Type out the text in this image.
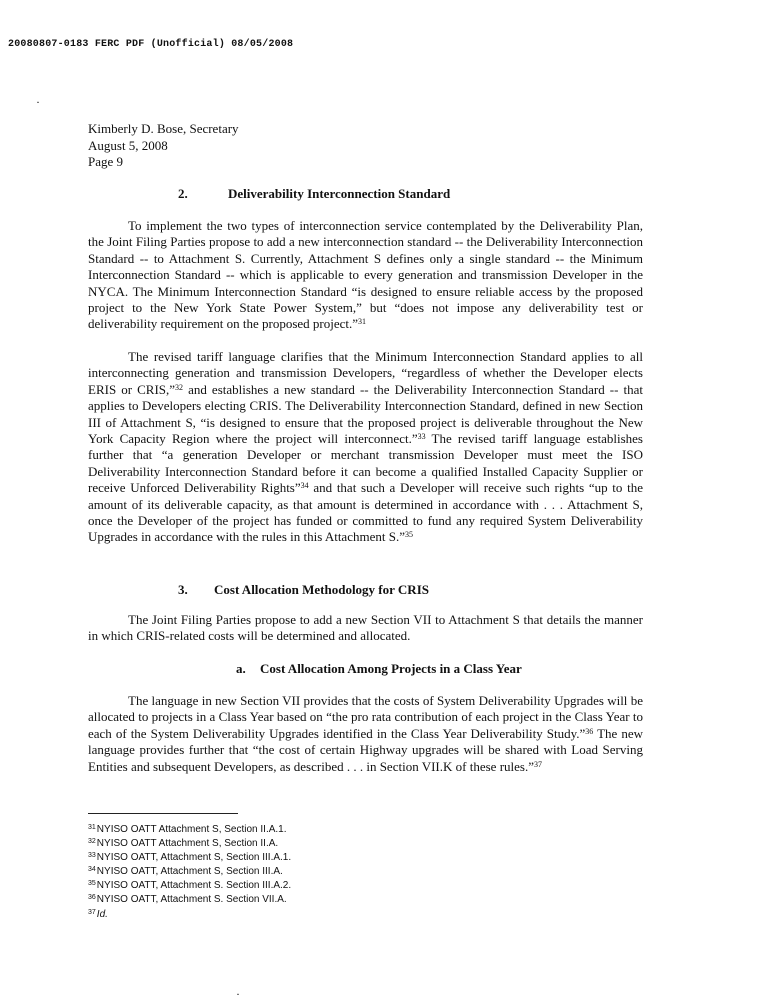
20080807-0183 FERC PDF (Unofficial) 08/05/2008
·
Kimberly D. Bose, Secretary
August 5, 2008
Page 9
2.	Deliverability Interconnection Standard

To implement the two types of interconnection service contemplated by the Deliverability Plan, the Joint Filing Parties propose to add a new interconnection standard -- the Deliverability Interconnection Standard -- to Attachment S. Currently, Attachment S defines only a single standard -- the Minimum Interconnection Standard -- which is applicable to every generation and transmission Developer in the NYCA. The Minimum Interconnection Standard “is designed to ensure reliable access by the proposed project to the New York State Power System,” but “does not impose any deliverability test or deliverability requirement on the proposed project.”$^{31}$

The revised tariff language clarifies that the Minimum Interconnection Standard applies to all interconnecting generation and transmission Developers, “regardless of whether the Developer elects ERIS or CRIS,”$^{32}$ and establishes a new standard -- the Deliverability Interconnection Standard -- that applies to Developers electing CRIS. The Deliverability Interconnection Standard, defined in new Section III of Attachment S, “is designed to ensure that the proposed project is deliverable throughout the New York Capacity Region where the project will interconnect.”$^{33}$ The revised tariff language establishes further that “a generation Developer or merchant transmission Developer must meet the ISO Deliverability Interconnection Standard before it can become a qualified Installed Capacity Supplier or receive Unforced Deliverability Rights”$^{34}$ and that such a Developer will receive such rights “up to the amount of its deliverable capacity, as that amount is determined in accordance with . . . Attachment S, once the Developer of the project has funded or committed to fund any required System Deliverability Upgrades in accordance with the rules in this Attachment S.”$^{35}$

3. Cost Allocation Methodology for CRIS

The Joint Filing Parties propose to add a new Section VII to Attachment S that details the manner in which CRIS-related costs will be determined and allocated.

a. Cost Allocation Among Projects in a Class Year

The language in new Section VII provides that the costs of System Deliverability Upgrades will be allocated to projects in a Class Year based on “the pro rata contribution of each project in the Class Year to each of the System Deliverability Upgrades identified in the Class Year Deliverability Study.”$^{36}$ The new language provides further that “the cost of certain Highway upgrades will be shared with Load Serving Entities and subsequent Developers, as described . . . in Section VII.K of these rules.”$^{37}$

$^{31}$NYISO OATT Attachment S, Section II.A.1.
$^{32}$NYISO OATT Attachment S, Section II.A.
$^{33}$NYISO OATT, Attachment S, Section III.A.1.
$^{34}$NYISO OATT, Attachment S, Section III.A.
$^{35}$NYISO OATT, Attachment S. Section III.A.2.
$^{36}$NYISO OATT, Attachment S. Section VII.A.
$^{37}$Id.
·
